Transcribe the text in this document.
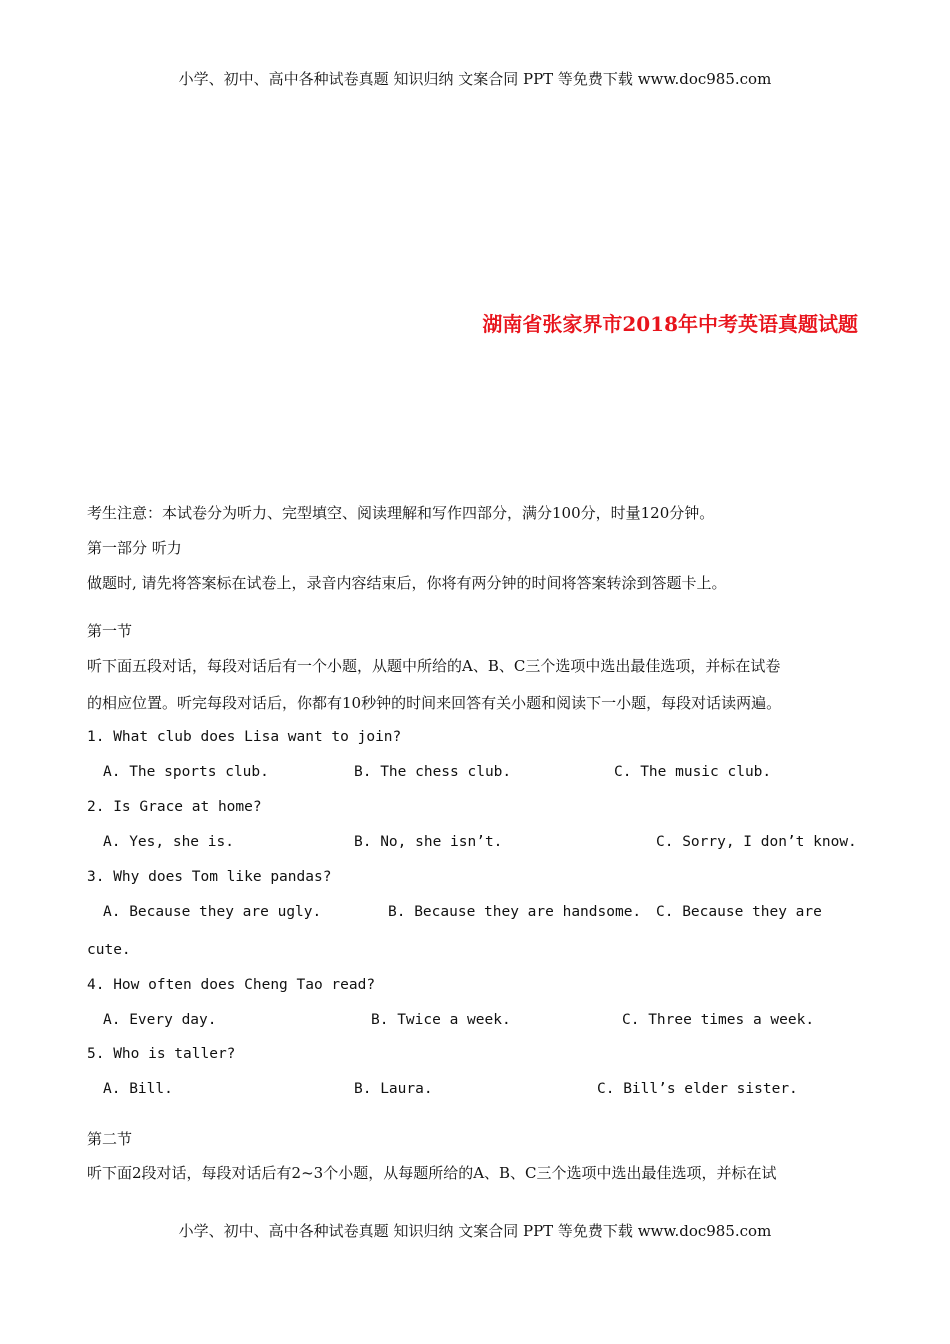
小学、初中、高中各种试卷真题 知识归纳 文案合同 PPT 等免费下载 www.doc985.com
湖南省张家界市2018年中考英语真题试题
考生注意：本试卷分为听力、完型填空、阅读理解和写作四部分，满分100分，时量120分钟。
第一部分 听力
做题时, 请先将答案标在试卷上，录音内容结束后，你将有两分钟的时间将答案转涂到答题卡上。
第一节
听下面五段对话，每段对话后有一个小题，从题中所给的A、B、C三个选项中选出最佳选项，并标在试卷
的相应位置。听完每段对话后，你都有10秒钟的时间来回答有关小题和阅读下一小题，每段对话读两遍。
1. What club does Lisa want to join?
A. The sports club.	B. The chess club.	C. The music club.
2. Is Grace at home?
A. Yes, she is.	B. No, she isn’t.	C. Sorry, I don’t know.
3. Why does Tom like pandas?
A. Because they are ugly.	B. Because they are handsome. C. Because they are
cute.
4. How often does Cheng Tao read?
A. Every day.	B. Twice a week.	C. Three times a week.
5. Who is taller?
A. Bill.	B. Laura.	C. Bill’s elder sister.
第二节
听下面2段对话，每段对话后有2~3个小题，从每题所给的A、B、C三个选项中选出最佳选项，并标在试
小学、初中、高中各种试卷真题 知识归纳 文案合同 PPT 等免费下载 www.doc985.com
